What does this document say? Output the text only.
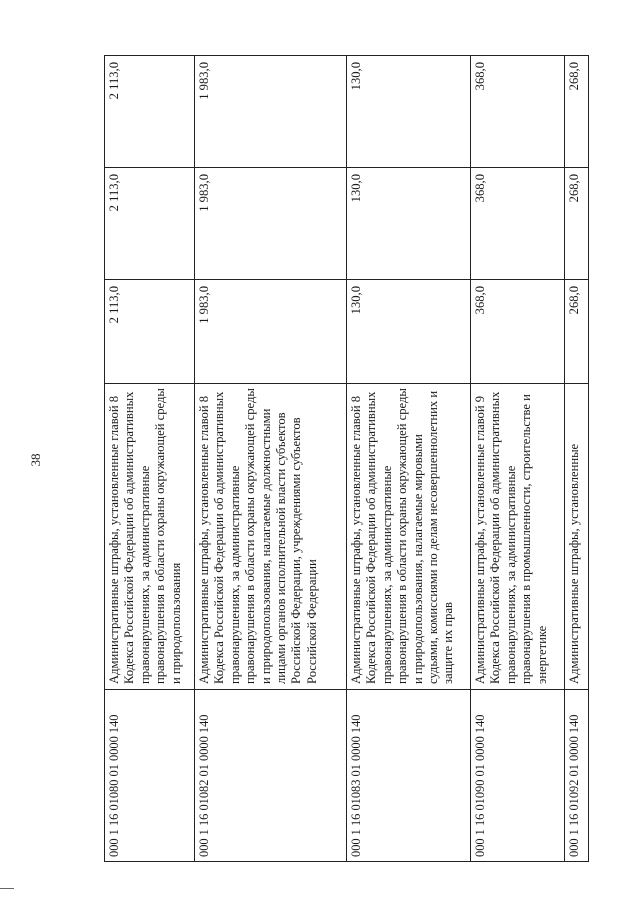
38
000 1 16 01080 01 0000 140	Административные штрафы, установленные главой 8 Кодекса Российской Федерации об административных правонарушениях, за административные правонарушения в области охраны окружающей среды и природопользования	2 113,0	2 113,0	2 113,0
000 1 16 01082 01 0000 140	Административные штрафы, установленные главой 8 Кодекса Российской Федерации об административных правонарушениях, за административные правонарушения в области охраны окружающей среды и природопользования, налагаемые должностными лицами органов исполнительной власти субъектов Российской Федерации, учреждениями субъектов Российской Федерации	1 983,0	1 983,0	1 983,0
000 1 16 01083 01 0000 140	Административные штрафы, установленные главой 8 Кодекса Российской Федерации об административных правонарушениях, за административные правонарушения в области охраны окружающей среды и природопользования, налагаемые мировыми судьями, комиссиями по делам несовершеннолетних и защите их прав	130,0	130,0	130,0
000 1 16 01090 01 0000 140	Административные штрафы, установленные главой 9 Кодекса Российской Федерации об административных правонарушениях, за административные правонарушения в промышленности, строительстве и энергетике	368,0	368,0	368,0
000 1 16 01092 01 0000 140	Административные штрафы, установленные	268,0	268,0	268,0
